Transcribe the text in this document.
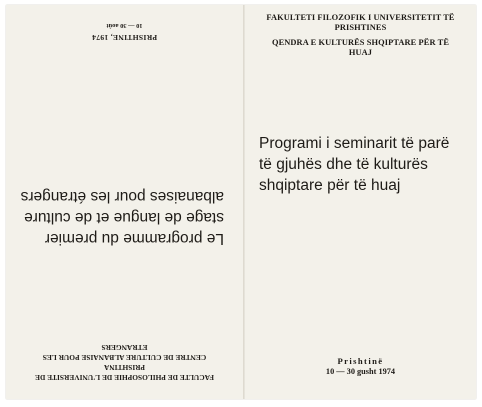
FACULTE DE PHILOSOPHIE DE L'UNIVERSITE DE
PRISHTINA
CENTRE DE CULTURE ALBANAISE POUR LES
ETRANGERS
Le programme du premier
stage de langue et de culture
albanaises pour les étrangers
PRISHTINE, 1974
10 — 30 août
FAKULTETI FILOZOFIK I UNIVERSITETIT TË
PRISHTINES
QENDRA E KULTURËS SHQIPTARE PËR TË
HUAJ
Programi i seminarit të parë
të gjuhës dhe të kulturës
shqiptare për të huaj
Prishtinë
10 — 30 gusht 1974
